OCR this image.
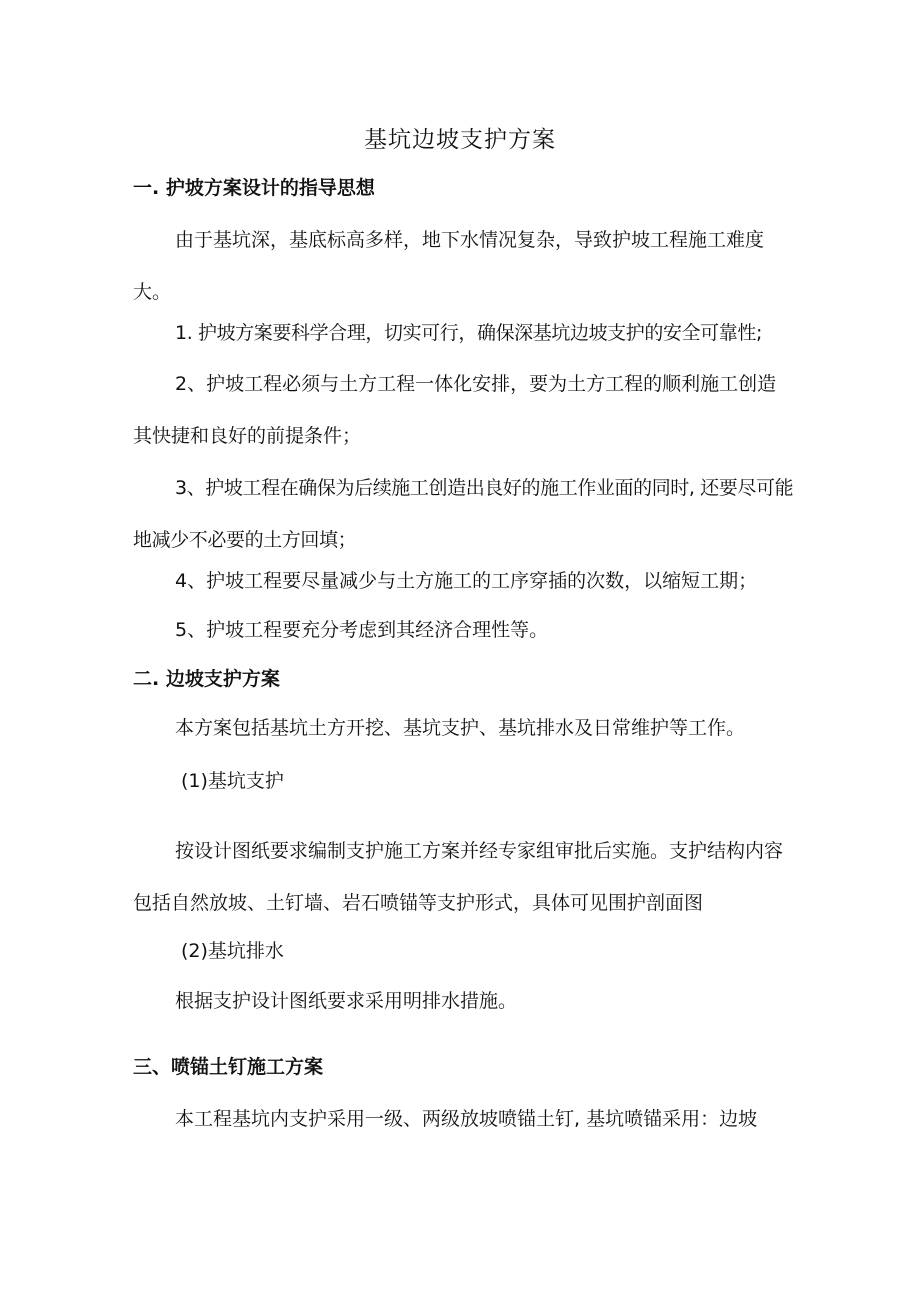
基坑边坡支护方案
一. 护坡方案设计的指导思想
由于基坑深，基底标高多样，地下水情况复杂，导致护坡工程施工难度大。
1. 护坡方案要科学合理，切实可行，确保深基坑边坡支护的安全可靠性;
2、护坡工程必须与土方工程一体化安排，要为土方工程的顺利施工创造其快捷和良好的前提条件；
3、护坡工程在确保为后续施工创造出良好的施工作业面的同时, 还要尽可能地减少不必要的土方回填；
4、护坡工程要尽量减少与土方施工的工序穿插的次数，以缩短工期；
5、护坡工程要充分考虑到其经济合理性等。
二. 边坡支护方案
本方案包括基坑土方开挖、基坑支护、基坑排水及日常维护等工作。
(1)基坑支护
按设计图纸要求编制支护施工方案并经专家组审批后实施。支护结构内容包括自然放坡、土钉墙、岩石喷锚等支护形式，具体可见围护剖面图
(2)基坑排水
根据支护设计图纸要求采用明排水措施。
三、喷锚土钉施工方案
本工程基坑内支护采用一级、两级放坡喷锚土钉, 基坑喷锚采用：边坡
